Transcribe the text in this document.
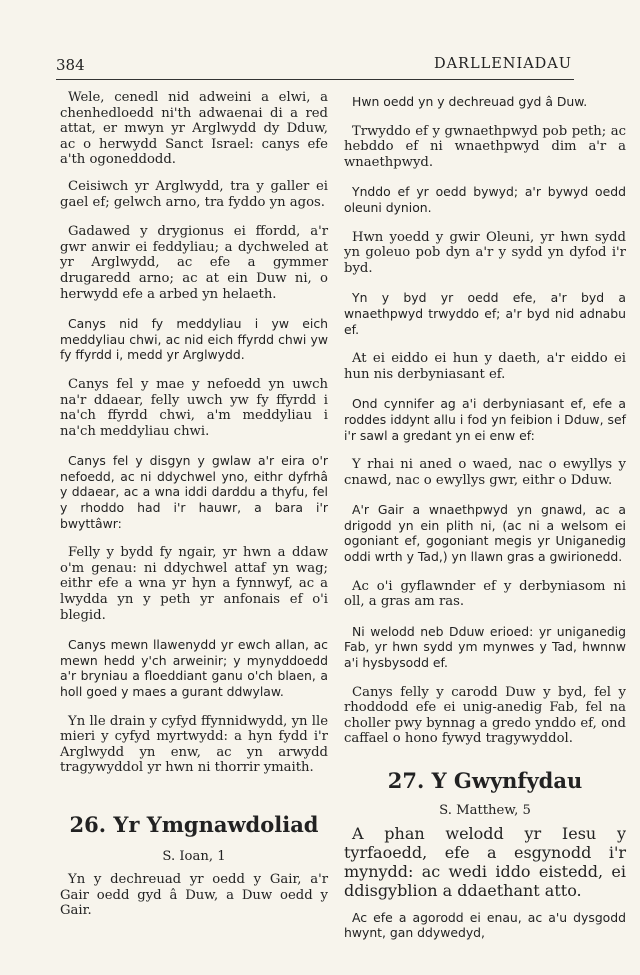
384	DARLLENIADAU

Wele, cenedl nid adweini a elwi, a chenhedloedd ni'th adwaenai di a red attat, er mwyn yr Arglwydd dy Dduw, ac o herwydd Sanct Israel: canys efe a'th ogoneddodd.

Ceisiwch yr Arglwydd, tra y galler ei gael ef; gelwch arno, tra fyddo yn agos.

Gadawed y drygionus ei ffordd, a'r gwr anwir ei feddyliau; a dychweled at yr Arglwydd, ac efe a gymmer drugaredd arno; ac at ein Duw ni, o herwydd efe a arbed yn helaeth.

Canys nid fy meddyliau i yw eich meddyliau chwi, ac nid eich ffyrdd chwi yw fy ffyrdd i, medd yr Arglwydd.

Canys fel y mae y nefoedd yn uwch na'r ddaear, felly uwch yw fy ffyrdd i na'ch ffyrdd chwi, a'm meddyliau i na'ch meddyliau chwi.

Canys fel y disgyn y gwlaw a'r eira o'r nefoedd, ac ni ddychwel yno, eithr dyfrhâ y ddaear, ac a wna iddi darddu a thyfu, fel y rhoddo had i'r hauwr, a bara i'r bwyttâwr:

Felly y bydd fy ngair, yr hwn a ddaw o'm genau: ni ddychwel attaf yn wag; eithr efe a wna yr hyn a fynnwyf, ac a lwydda yn y peth yr anfonais ef o'i blegid.

Canys mewn llawenydd yr ewch allan, ac mewn hedd y'ch arweinir; y mynyddoedd a'r bryniau a floeddiant ganu o'ch blaen, a holl goed y maes a gurant ddwylaw.

Yn lle drain y cyfyd ffynnidwydd, yn lle mieri y cyfyd myrtwydd: a hyn fydd i'r Arglwydd yn enw, ac yn arwydd tragywyddol yr hwn ni thorrir ymaith.

26. Yr Ymgnawdoliad

S. Ioan, 1

Yn y dechreuad yr oedd y Gair, a'r Gair oedd gyd â Duw, a Duw oedd y Gair.

Hwn oedd yn y dechreuad gyd â Duw.

Trwyddo ef y gwnaethpwyd pob peth; ac hebddo ef ni wnaethpwyd dim a'r a wnaethpwyd.

Ynddo ef yr oedd bywyd; a'r bywyd oedd oleuni dynion.

Hwn yoedd y gwir Oleuni, yr hwn sydd yn goleuo pob dyn a'r y sydd yn dyfod i'r byd.

Yn y byd yr oedd efe, a'r byd a wnaethpwyd trwyddo ef; a'r byd nid adnabu ef.

At ei eiddo ei hun y daeth, a'r eiddo ei hun nis derbyniasant ef.

Ond cynnifer ag a'i derbyniasant ef, efe a roddes iddynt allu i fod yn feibion i Dduw, sef i'r sawl a gredant yn ei enw ef:

Y rhai ni aned o waed, nac o ewyllys y cnawd, nac o ewyllys gwr, eithr o Dduw.

A'r Gair a wnaethpwyd yn gnawd, ac a drigodd yn ein plith ni, (ac ni a welsom ei ogoniant ef, gogoniant megis yr Uniganedig oddi wrth y Tad,) yn llawn gras a gwirionedd.

Ac o'i gyflawnder ef y derbyniasom ni oll, a gras am ras.

Ni welodd neb Dduw erioed: yr uniganedig Fab, yr hwn sydd ym mynwes y Tad, hwnnw a'i hysbysodd ef.

Canys felly y carodd Duw y byd, fel y rhoddodd efe ei unig-anedig Fab, fel na choller pwy bynnag a gredo ynddo ef, ond caffael o hono fywyd tragywyddol.

27. Y Gwynfydau

S. Matthew, 5

A phan welodd yr Iesu y tyrfaoedd, efe a esgynodd i'r mynydd: ac wedi iddo eistedd, ei ddisgyblion a ddaethant atto.

Ac efe a agorodd ei enau, ac a'u dysgodd hwynt, gan ddywedyd,
